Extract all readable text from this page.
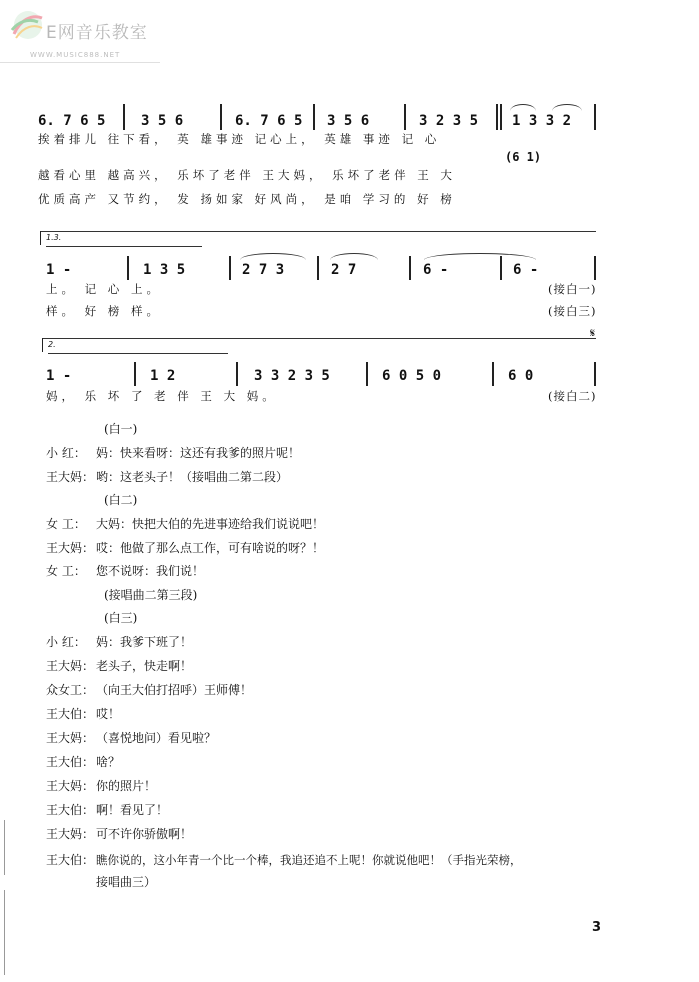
E网音乐教室
WWW.MUSIC888.NET
6. 7 6 5	3 5 6	6. 7 6 5 3 5 6	3 2 3 5 1 3 3 2
挨着排儿 往下看， 英 雄事迹 记心上， 英雄 事迹 记 心
(6 1)
越看心里 越高兴， 乐坏了老伴 王大妈， 乐坏了老伴 王 大
优质高产 又节约， 发 扬如家 好风尚， 是咱 学习的 好 榜
1.3.
1 -	1 3 5	2 7 3	2 7	6 -	6 -
上。 记 心 上。	(接白一)
样。 好 榜 样。	(接白三)
𝄋
2.
1 -	1 2	3 3 2 3 5	6 0 5 0	6 0
妈， 乐 坏 了 老 伴 王 大 妈。	(接白二)
(白一)
小 红： 妈：快来看呀：这还有我爹的照片呢！
王大妈： 哟：这老头子！（接唱曲二第二段）
(白二)
女 工： 大妈：快把大伯的先进事迹给我们说说吧！
王大妈： 哎：他做了那么点工作，可有啥说的呀？！
女 工： 您不说呀：我们说！
(接唱曲二第三段)
(白三)
小 红： 妈：我爹下班了！
王大妈： 老头子，快走啊！
众女工： （向王大伯打招呼）王师傅！
王大伯： 哎！
王大妈： （喜悦地问）看见啦？
王大伯： 啥？
王大妈： 你的照片！
王大伯： 啊！看见了！
王大妈： 可不许你骄傲啊！
王大伯： 瞧你说的，这小年青一个比一个棒，我追还追不上呢！你就说他吧！（手指光荣榜，
接唱曲三）
3
